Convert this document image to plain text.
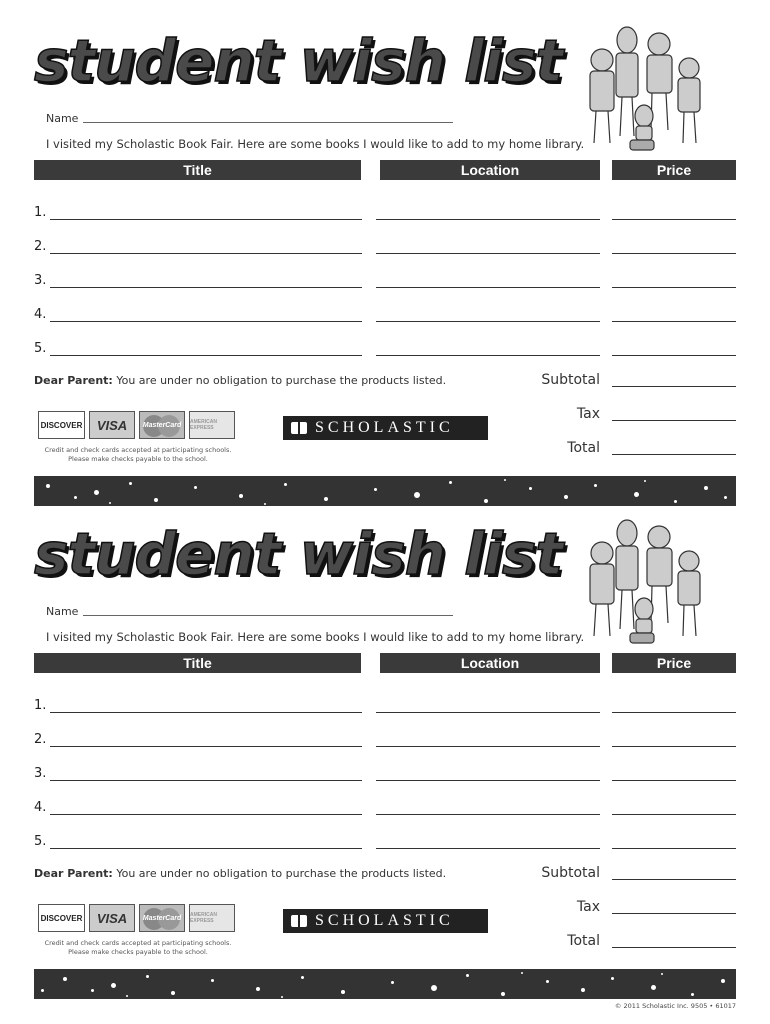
student wish list
Name
I visited my Scholastic Book Fair. Here are some books I would like to add to my home library.
Title	Location	Price
1.
2.
3.
4.
5.
Dear Parent: You are under no obligation to purchase the products listed.	Subtotal
Tax
Total
DISCOVER	VISA	MasterCard AMERICAN EXPRESS
Credit and check cards accepted at participating schools.
Please make checks payable to the school.
SCHOLASTIC
student wish list
Name
I visited my Scholastic Book Fair. Here are some books I would like to add to my home library.
Title	Location	Price
1.
2.
3.
4.
5.
Dear Parent: You are under no obligation to purchase the products listed.	Subtotal
Tax
Total
DISCOVER	VISA	MasterCard AMERICAN EXPRESS
Credit and check cards accepted at participating schools.
Please make checks payable to the school.
SCHOLASTIC
© 2011 Scholastic Inc. 9505 • 61017
